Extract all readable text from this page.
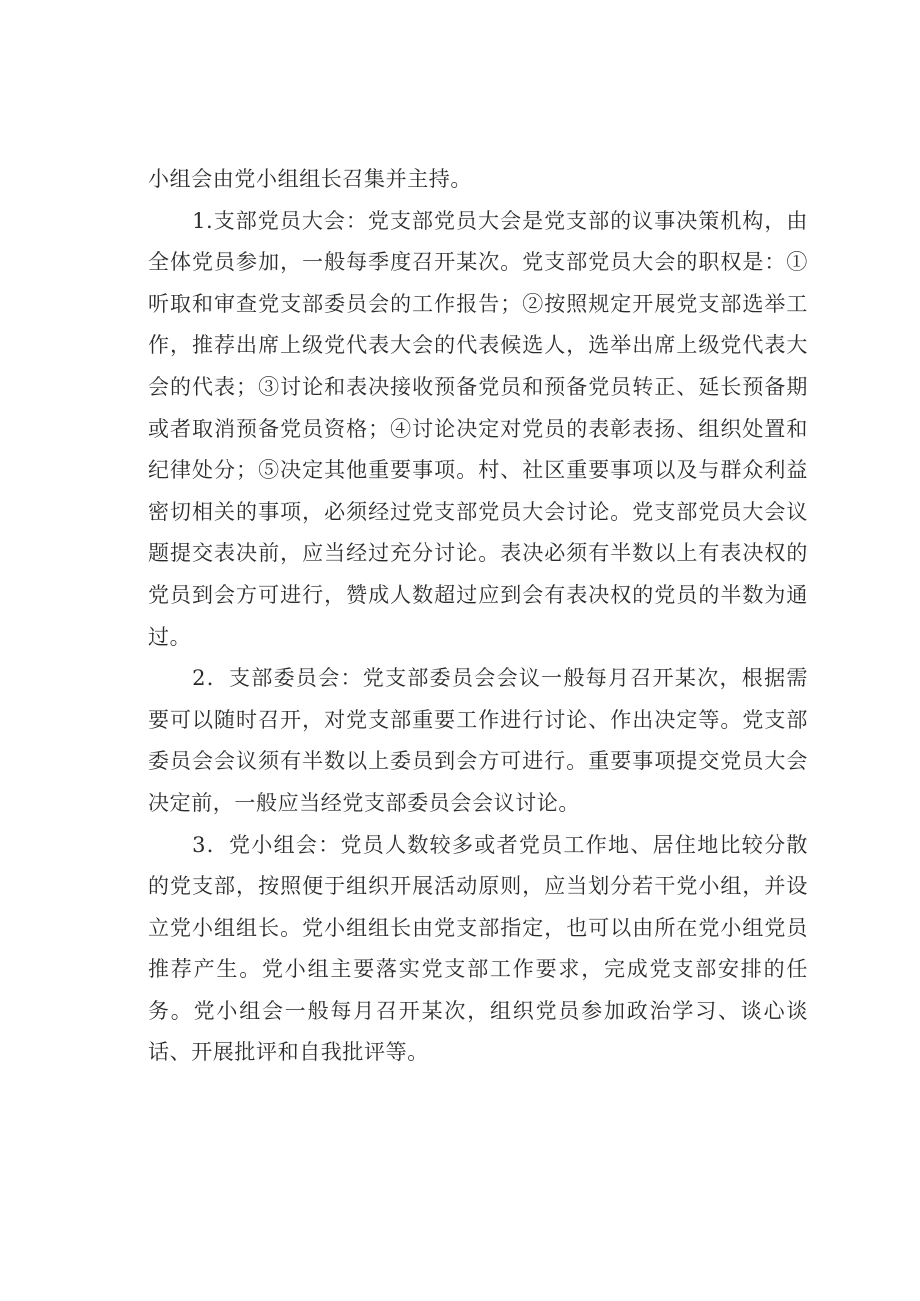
小组会由党小组组长召集并主持。

1.支部党员大会：党支部党员大会是党支部的议事决策机构，由全体党员参加，一般每季度召开某次。党支部党员大会的职权是：①听取和审查党支部委员会的工作报告；②按照规定开展党支部选举工作，推荐出席上级党代表大会的代表候选人，选举出席上级党代表大会的代表；③讨论和表决接收预备党员和预备党员转正、延长预备期或者取消预备党员资格；④讨论决定对党员的表彰表扬、组织处置和纪律处分；⑤决定其他重要事项。村、社区重要事项以及与群众利益密切相关的事项，必须经过党支部党员大会讨论。党支部党员大会议题提交表决前，应当经过充分讨论。表决必须有半数以上有表决权的党员到会方可进行，赞成人数超过应到会有表决权的党员的半数为通过。

2．支部委员会：党支部委员会会议一般每月召开某次，根据需要可以随时召开，对党支部重要工作进行讨论、作出决定等。党支部委员会会议须有半数以上委员到会方可进行。重要事项提交党员大会决定前，一般应当经党支部委员会会议讨论。

3．党小组会：党员人数较多或者党员工作地、居住地比较分散的党支部，按照便于组织开展活动原则，应当划分若干党小组，并设立党小组组长。党小组组长由党支部指定，也可以由所在党小组党员推荐产生。党小组主要落实党支部工作要求，完成党支部安排的任务。党小组会一般每月召开某次，组织党员参加政治学习、谈心谈话、开展批评和自我批评等。
